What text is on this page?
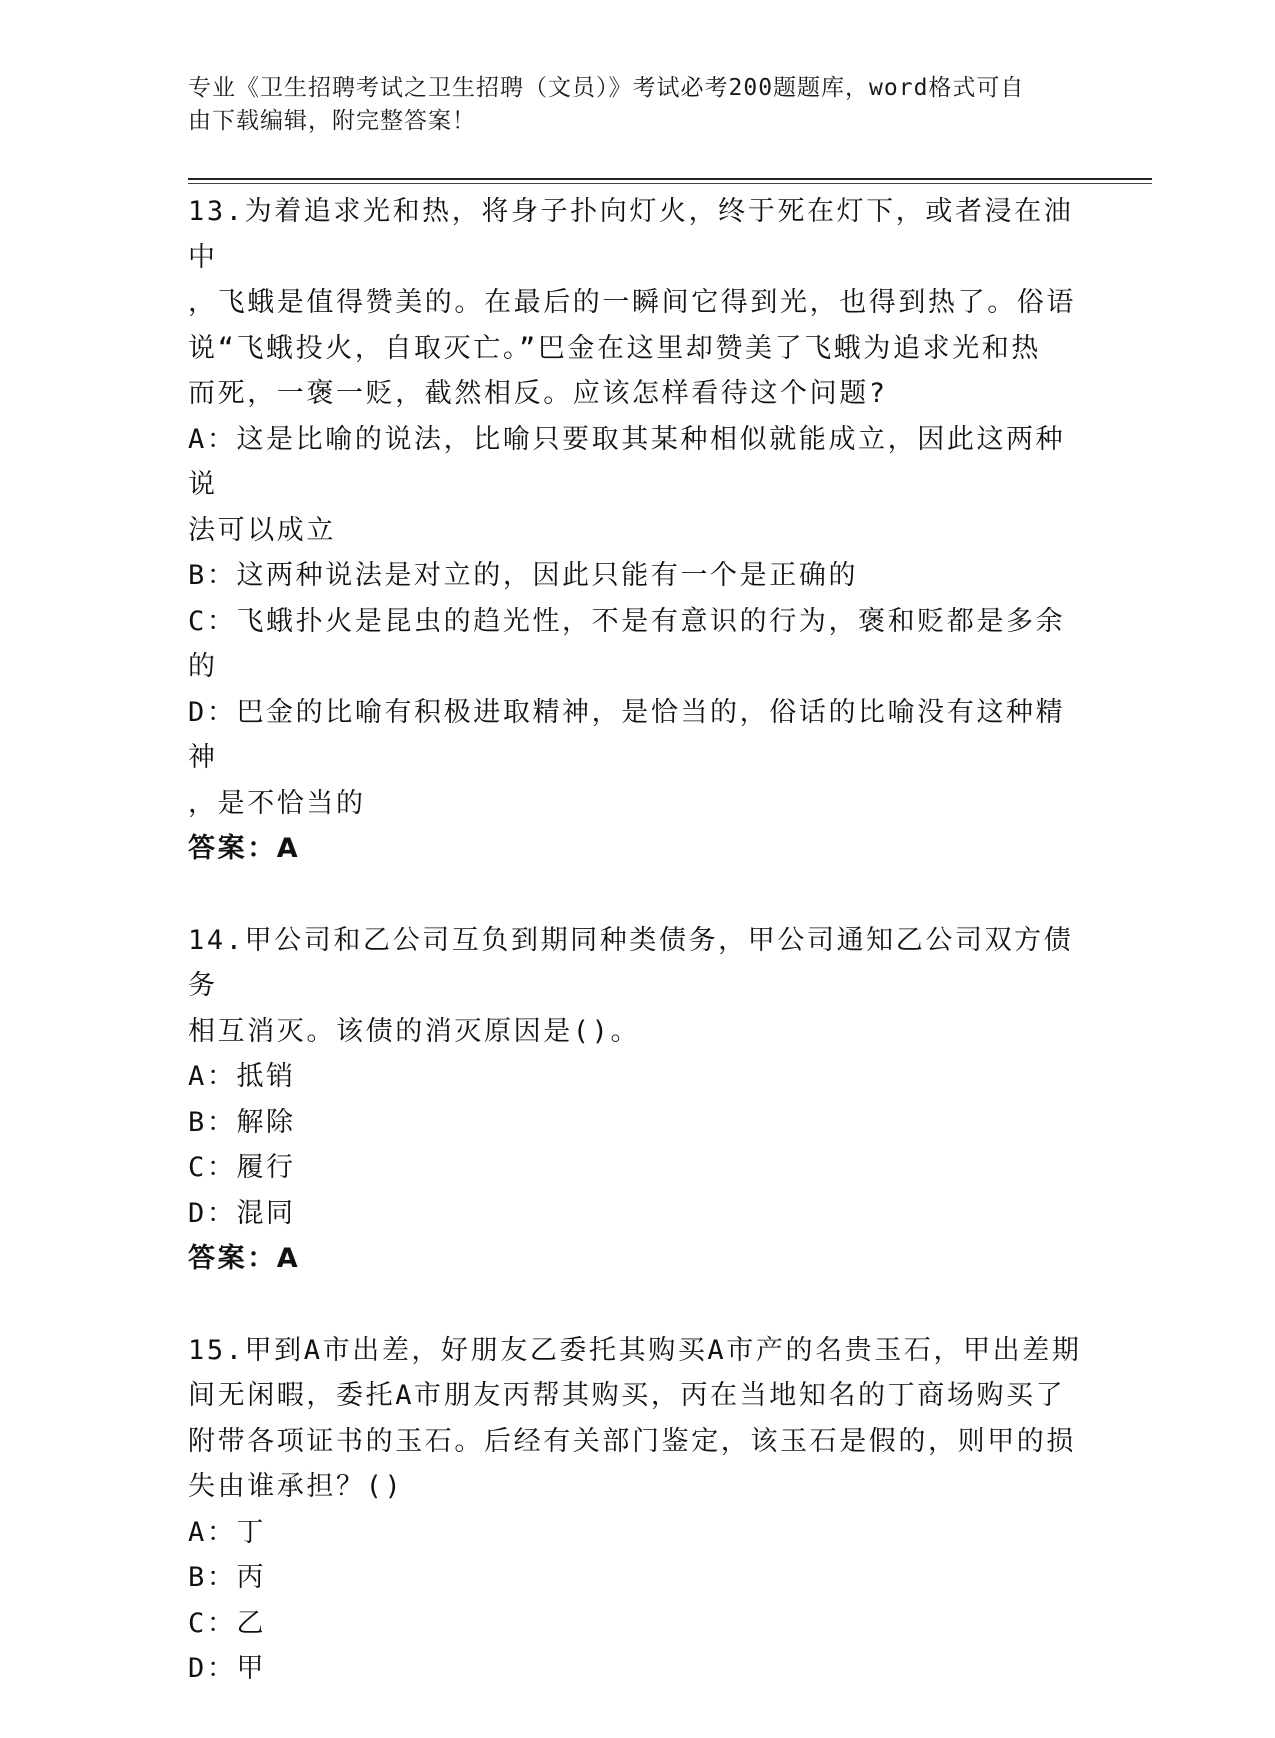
专业《卫生招聘考试之卫生招聘（文员）》考试必考200题题库，word格式可自
由下载编辑，附完整答案！
13.为着追求光和热，将身子扑向灯火，终于死在灯下，或者浸在油中
，飞蛾是值得赞美的。在最后的一瞬间它得到光，也得到热了。俗语
说“飞蛾投火，自取灭亡。”巴金在这里却赞美了飞蛾为追求光和热
而死，一褒一贬，截然相反。应该怎样看待这个问题?
A：这是比喻的说法，比喻只要取其某种相似就能成立，因此这两种说
法可以成立
B：这两种说法是对立的，因此只能有一个是正确的
C：飞蛾扑火是昆虫的趋光性，不是有意识的行为，褒和贬都是多余的
D：巴金的比喻有积极进取精神，是恰当的，俗话的比喻没有这种精神
，是不恰当的
答案：A
14.甲公司和乙公司互负到期同种类债务，甲公司通知乙公司双方债务
相互消灭。该债的消灭原因是()。
A：抵销
B：解除
C：履行
D：混同
答案：A
15.甲到A市出差，好朋友乙委托其购买A市产的名贵玉石，甲出差期
间无闲暇，委托A市朋友丙帮其购买，丙在当地知名的丁商场购买了
附带各项证书的玉石。后经有关部门鉴定，该玉石是假的，则甲的损
失由谁承担？()
A：丁
B：丙
C：乙
D：甲
